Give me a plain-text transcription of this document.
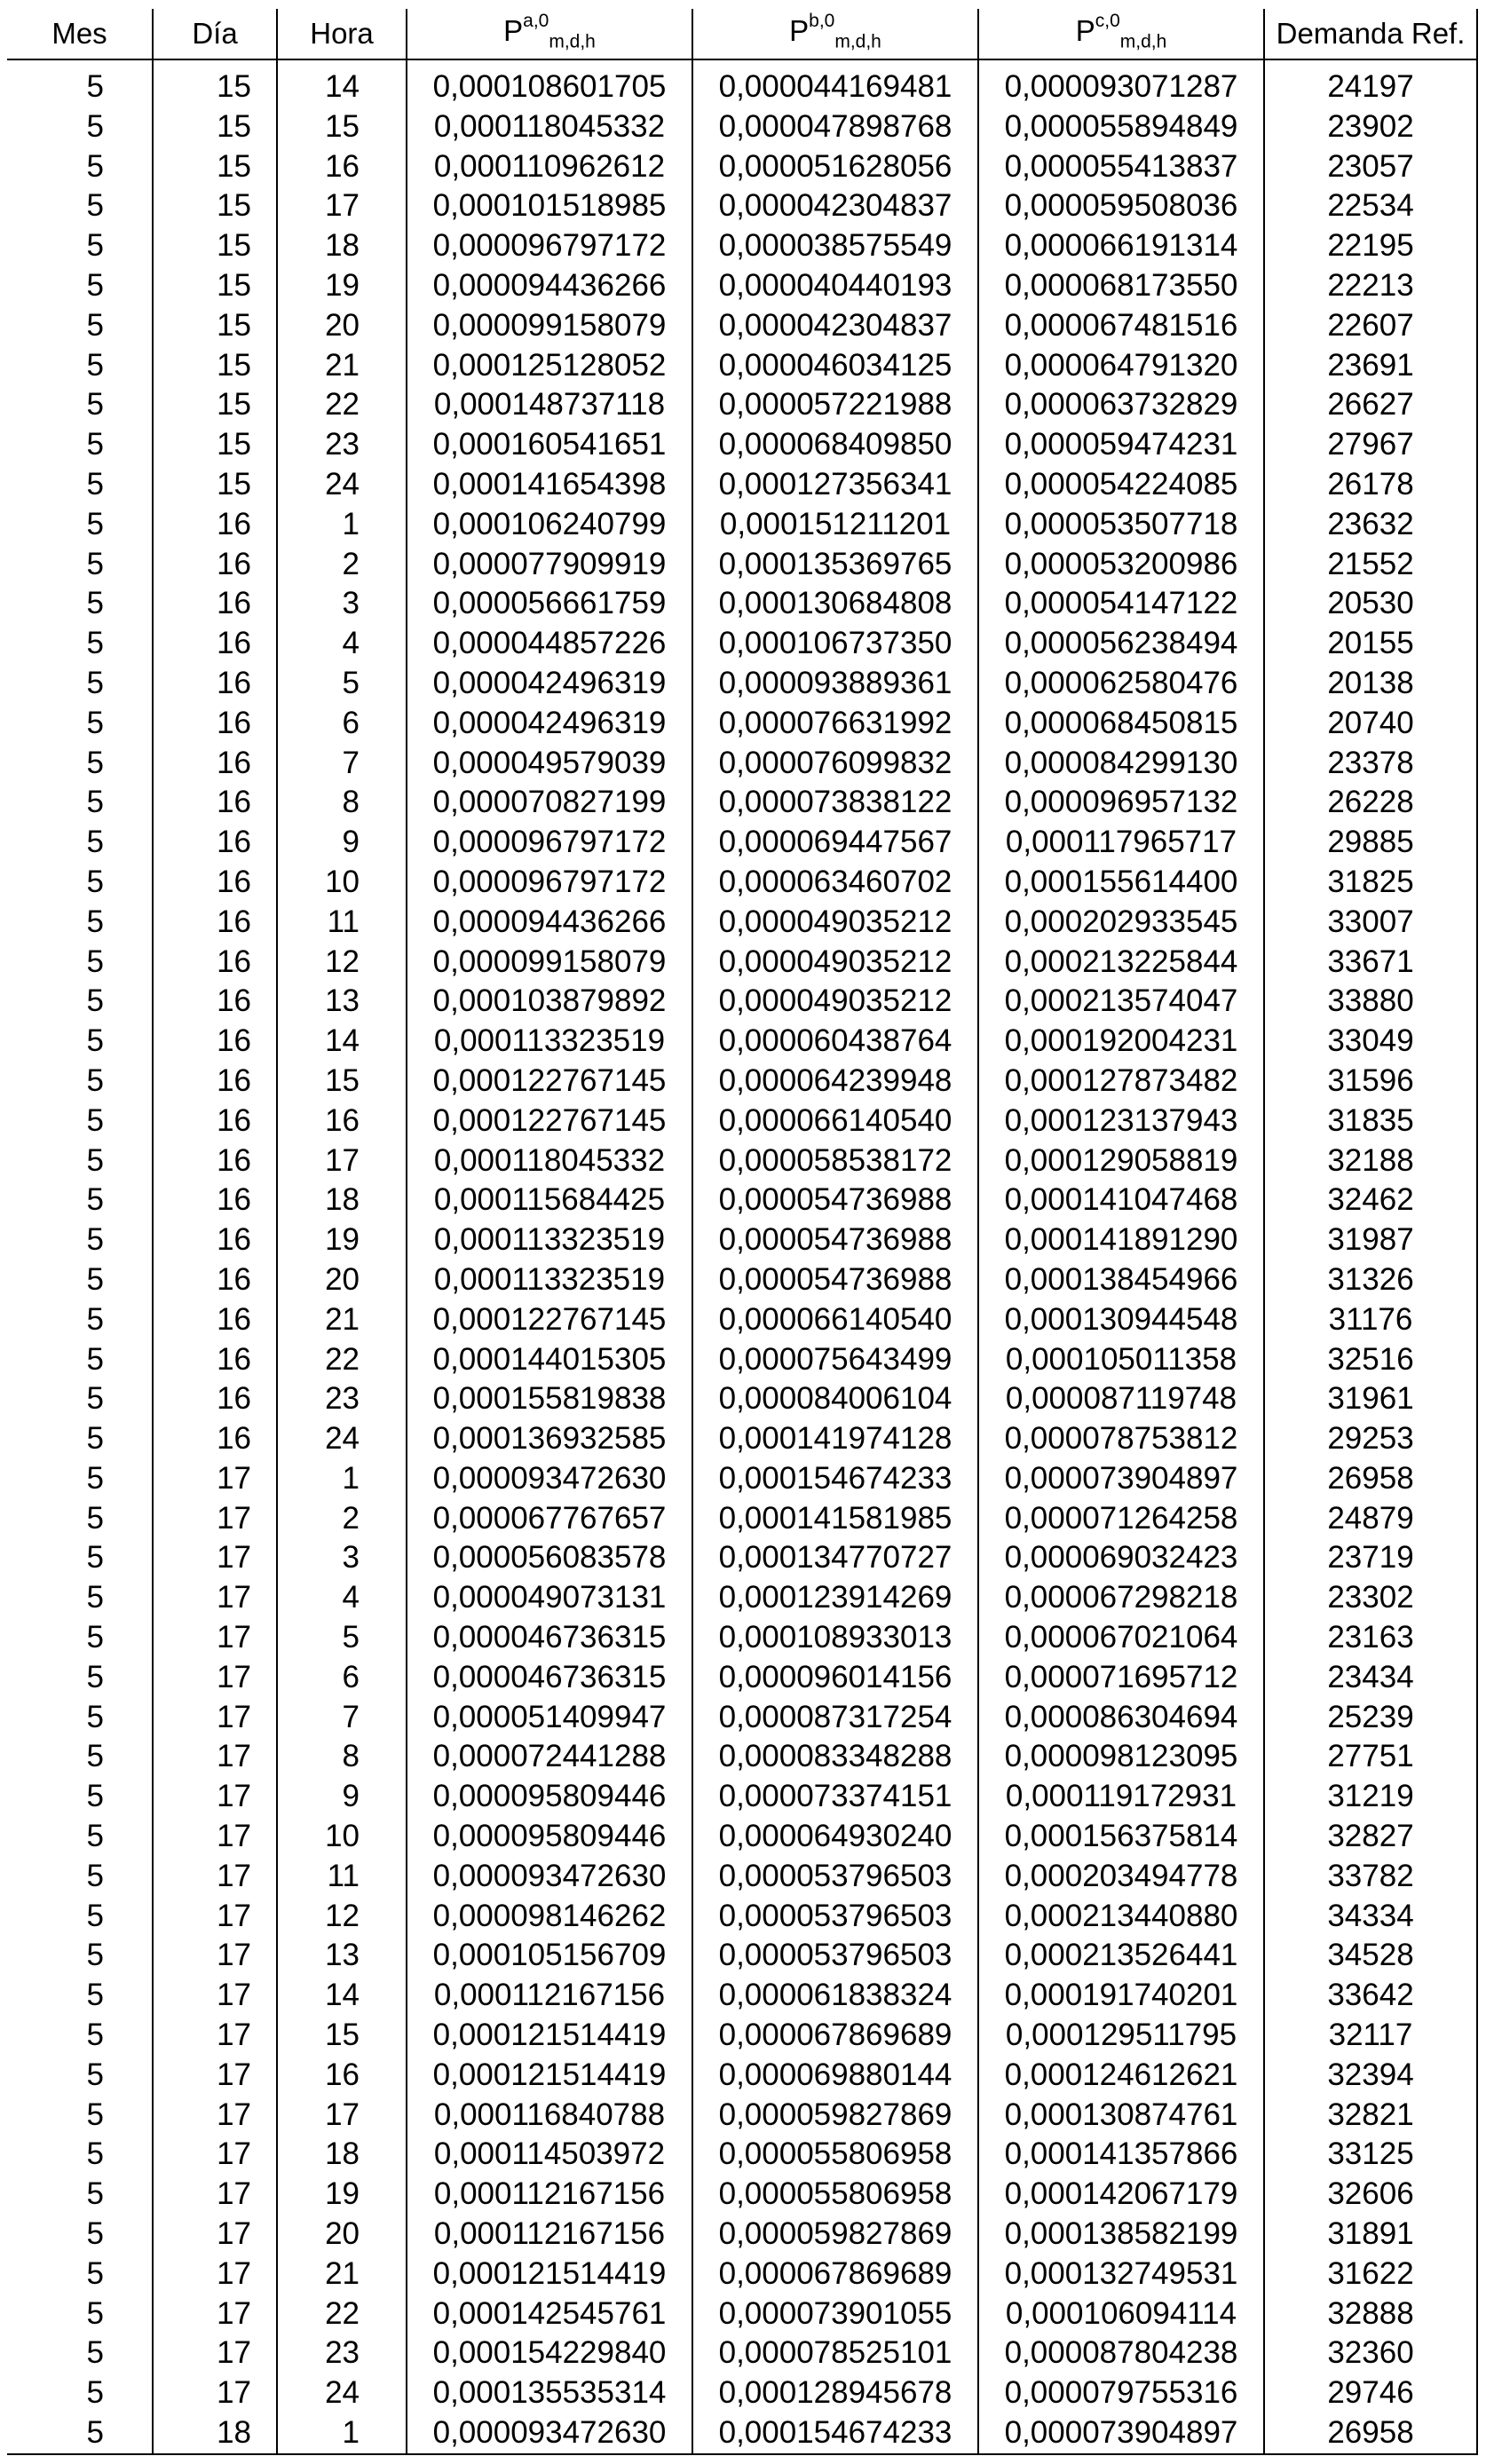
Mes	Día	Hora	P$^{a,0}_{m,d,h}$	P$^{b,0}_{m,d,h}$	P$^{c,0}_{m,d,h}$	Demanda Ref.
5	15	14	0,000108601705	0,000044169481	0,000093071287	24197
5	15	15	0,000118045332	0,000047898768	0,000055894849	23902
5	15	16	0,000110962612	0,000051628056	0,000055413837	23057
5	15	17	0,000101518985	0,000042304837	0,000059508036	22534
5	15	18	0,000096797172	0,000038575549	0,000066191314	22195
5	15	19	0,000094436266	0,000040440193	0,000068173550	22213
5	15	20	0,000099158079	0,000042304837	0,000067481516	22607
5	15	21	0,000125128052	0,000046034125	0,000064791320	23691
5	15	22	0,000148737118	0,000057221988	0,000063732829	26627
5	15	23	0,000160541651	0,000068409850	0,000059474231	27967
5	15	24	0,000141654398	0,000127356341	0,000054224085	26178
5	16	1	0,000106240799	0,000151211201	0,000053507718	23632
5	16	2	0,000077909919	0,000135369765	0,000053200986	21552
5	16	3	0,000056661759	0,000130684808	0,000054147122	20530
5	16	4	0,000044857226	0,000106737350	0,000056238494	20155
5	16	5	0,000042496319	0,000093889361	0,000062580476	20138
5	16	6	0,000042496319	0,000076631992	0,000068450815	20740
5	16	7	0,000049579039	0,000076099832	0,000084299130	23378
5	16	8	0,000070827199	0,000073838122	0,000096957132	26228
5	16	9	0,000096797172	0,000069447567	0,000117965717	29885
5	16	10	0,000096797172	0,000063460702	0,000155614400	31825
5	16	11	0,000094436266	0,000049035212	0,000202933545	33007
5	16	12	0,000099158079	0,000049035212	0,000213225844	33671
5	16	13	0,000103879892	0,000049035212	0,000213574047	33880
5	16	14	0,000113323519	0,000060438764	0,000192004231	33049
5	16	15	0,000122767145	0,000064239948	0,000127873482	31596
5	16	16	0,000122767145	0,000066140540	0,000123137943	31835
5	16	17	0,000118045332	0,000058538172	0,000129058819	32188
5	16	18	0,000115684425	0,000054736988	0,000141047468	32462
5	16	19	0,000113323519	0,000054736988	0,000141891290	31987
5	16	20	0,000113323519	0,000054736988	0,000138454966	31326
5	16	21	0,000122767145	0,000066140540	0,000130944548	31176
5	16	22	0,000144015305	0,000075643499	0,000105011358	32516
5	16	23	0,000155819838	0,000084006104	0,000087119748	31961
5	16	24	0,000136932585	0,000141974128	0,000078753812	29253
5	17	1	0,000093472630	0,000154674233	0,000073904897	26958
5	17	2	0,000067767657	0,000141581985	0,000071264258	24879
5	17	3	0,000056083578	0,000134770727	0,000069032423	23719
5	17	4	0,000049073131	0,000123914269	0,000067298218	23302
5	17	5	0,000046736315	0,000108933013	0,000067021064	23163
5	17	6	0,000046736315	0,000096014156	0,000071695712	23434
5	17	7	0,000051409947	0,000087317254	0,000086304694	25239
5	17	8	0,000072441288	0,000083348288	0,000098123095	27751
5	17	9	0,000095809446	0,000073374151	0,000119172931	31219
5	17	10	0,000095809446	0,000064930240	0,000156375814	32827
5	17	11	0,000093472630	0,000053796503	0,000203494778	33782
5	17	12	0,000098146262	0,000053796503	0,000213440880	34334
5	17	13	0,000105156709	0,000053796503	0,000213526441	34528
5	17	14	0,000112167156	0,000061838324	0,000191740201	33642
5	17	15	0,000121514419	0,000067869689	0,000129511795	32117
5	17	16	0,000121514419	0,000069880144	0,000124612621	32394
5	17	17	0,000116840788	0,000059827869	0,000130874761	32821
5	17	18	0,000114503972	0,000055806958	0,000141357866	33125
5	17	19	0,000112167156	0,000055806958	0,000142067179	32606
5	17	20	0,000112167156	0,000059827869	0,000138582199	31891
5	17	21	0,000121514419	0,000067869689	0,000132749531	31622
5	17	22	0,000142545761	0,000073901055	0,000106094114	32888
5	17	23	0,000154229840	0,000078525101	0,000087804238	32360
5	17	24	0,000135535314	0,000128945678	0,000079755316	29746
5	18	1	0,000093472630	0,000154674233	0,000073904897	26958
